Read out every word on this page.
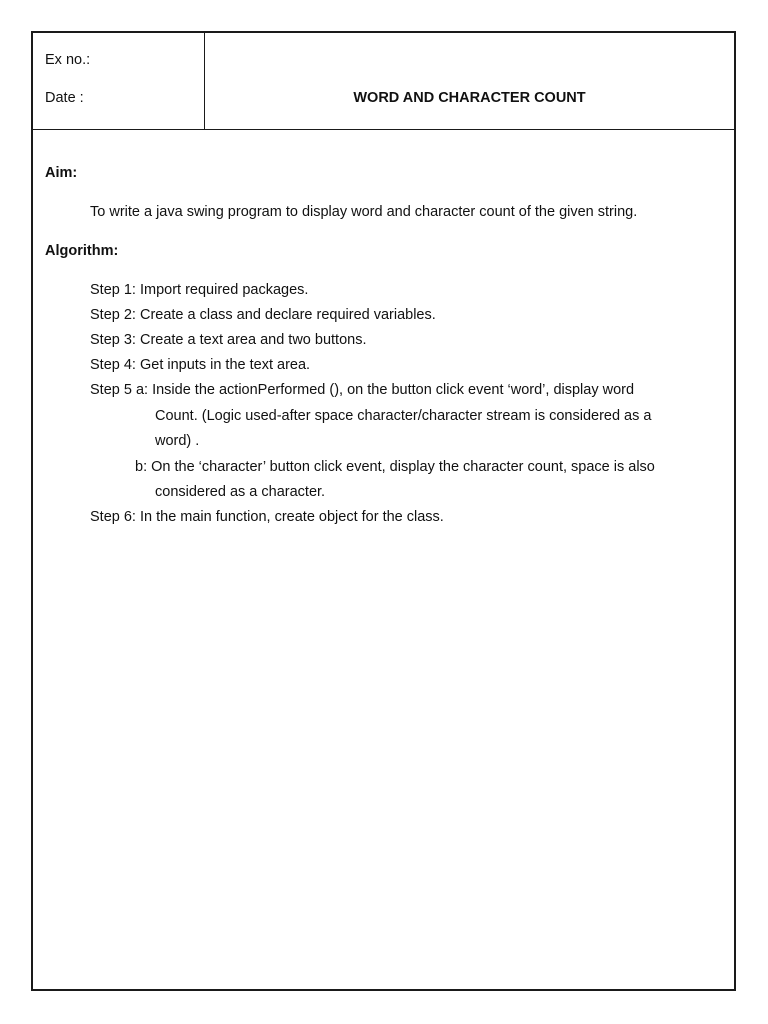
Ex no.:
Date :	WORD AND CHARACTER COUNT
Aim:
To write a java swing program to display word and character count of the given string.
Algorithm:
Step 1: Import required packages.
Step 2: Create a class and declare required variables.
Step 3: Create a text area and two buttons.
Step 4: Get inputs in the text area.
Step 5 a: Inside the actionPerformed (), on the button click event ‘word’, display word
Count. (Logic used-after space character/character stream is considered as a
word) .
b: On the ‘character’ button click event, display the character count, space is also
considered as a character.
Step 6: In the main function, create object for the class.
